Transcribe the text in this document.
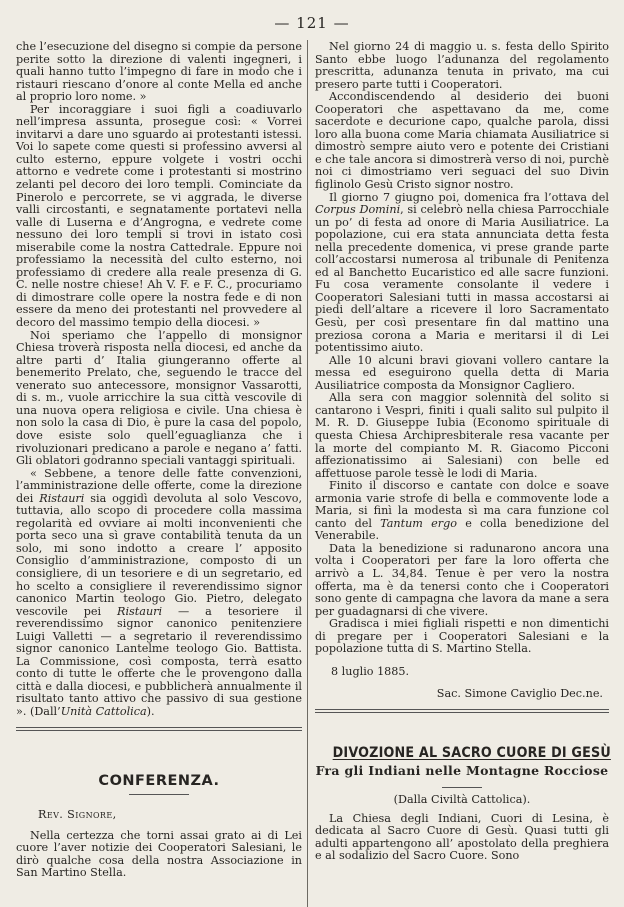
— 121 —

che l’esecuzione del disegno si compie da persone perite sotto la direzione di valenti ingegneri, i quali hanno tutto l’impegno di fare in modo che i ristauri riescano d’onore al conte Mella ed anche al proprio loro nome. »

Per incoraggiare i suoi figli a coadiuvarlo nell’impresa assunta, prosegue così: « Vorrei invitarvi a dare uno sguardo ai protestanti istessi. Voi lo sapete come questi si professino avversi al culto esterno, eppure volgete i vostri occhi attorno e vedrete come i protestanti si mostrino zelanti pel decoro dei loro templi. Cominciate da Pinerolo e percorrete, se vi aggrada, le diverse valli circostanti, e segnatamente portatevi nella valle di Luserna e d’Angrogna, e vedrete come nessuno dei loro templi si trovi in istato così miserabile come la nostra Cattedrale. Eppure noi professiamo la necessità del culto esterno, noi professiamo di credere alla reale presenza di G. C. nelle nostre chiese! Ah V. F. e F. C., procuriamo di dimostrare colle opere la nostra fede e di non essere da meno dei protestanti nel provvedere al decoro del massimo tempio della diocesi. »

Noi speriamo che l’appello di monsignor Chiesa troverà risposta nella diocesi, ed anche da altre parti d’ Italia giungeranno offerte al benemerito Prelato, che, seguendo le tracce del venerato suo antecessore, monsignor Vassarotti, di s. m., vuole arricchire la sua città vescovile di una nuova opera religiosa e civile. Una chiesa è non solo la casa di Dio, è pure la casa del popolo, dove esiste solo quell’eguaglianza che i rivoluzionari predicano a parole e negano a’ fatti. Gli oblatori godranno speciali vantaggi spirituali.

« Sebbene, a tenore delle fatte convenzioni, l’amministrazione delle offerte, come la direzione dei Ristauri sia oggidì devoluta al solo Vescovo, tuttavia, allo scopo di procedere colla massima regolarità ed ovviare ai molti inconvenienti che porta seco una sì grave contabilità tenuta da un solo, mi sono indotto a creare l’ apposito Consiglio d’amministrazione, composto di un consigliere, di un tesoriere e di un segretario, ed ho scelto a consigliere il reverendissimo signor canonico Martin teologo Gio. Pietro, delegato vescovile pei Ristauri — a tesoriere il reverendissimo signor canonico penitenziere Luigi Valletti — a segretario il reverendissimo signor canonico Lantelme teologo Gio. Battista. La Commissione, così composta, terrà esatto conto di tutte le offerte che le provengono dalla città e dalla diocesi, e pubblicherà annualmente il risultato tanto attivo che passivo di sua gestione ». (Dall’Unità Cattolica).

CONFERENZA.
Rev. Signore,

Nella certezza che torni assai grato ai di Lei cuore l’aver notizie dei Cooperatori Salesiani, le dirò qualche cosa della nostra Associazione in San Martino Stella.

Nel giorno 24 di maggio u. s. festa dello Spirito Santo ebbe luogo l’adunanza del regolamento prescritta, adunanza tenuta in privato, ma cui presero parte tutti i Cooperatori.

Accondiscendendo al desiderio dei buoni Cooperatori che aspettavano da me, come sacerdote e decurione capo, qualche parola, dissi loro alla buona come Maria chiamata Ausiliatrice si dimostrò sempre aiuto vero e potente dei Cristiani e che tale ancora si dimostrerà verso di noi, purchè noi ci dimostriamo veri seguaci del suo Divin figlinolo Gesù Cristo signor nostro.

Il giorno 7 giugno poi, domenica fra l’ottava del Corpus Domini, si celebrò nella chiesa Parrocchiale un po’ di festa ad onore di Maria Ausiliatrice. La popolazione, cui era stata annunciata detta festa nella precedente domenica, vi prese grande parte coll’accostarsi numerosa al tribunale di Penitenza ed al Banchetto Eucaristico ed alle sacre funzioni. Fu cosa veramente consolante il vedere i Cooperatori Salesiani tutti in massa accostarsi ai piedi dell’altare a ricevere il loro Sacramentato Gesù, per così presentare fin dal mattino una preziosa corona a Maria e meritarsi il di Lei potentissimo aiuto.

Alle 10 alcuni bravi giovani vollero cantare la messa ed eseguirono quella detta di Maria Ausiliatrice composta da Monsignor Cagliero.

Alla sera con maggior solennità del solito si cantarono i Vespri, finiti i quali salito sul pulpito il M. R. D. Giuseppe Iubia (Economo spirituale di questa Chiesa Archipresbiterale resa vacante per la morte del compianto M. R. Giacomo Picconi affezionatissimo ai Salesiani) con belle ed affettuose parole tessè le lodi di Maria.

Finito il discorso e cantate con dolce e soave armonia varie strofe di bella e commovente lode a Maria, si finì la modesta sì ma cara funzione col canto del Tantum ergo e colla benedizione del Venerabile.

Data la benedizione si radunarono ancora una volta i Cooperatori per fare la loro offerta che arrivò a L. 34,84. Tenue è per vero la nostra offerta, ma è da tenersi conto che i Cooperatori sono gente di campagna che lavora da mane a sera per guadagnarsi di che vivere.

Gradisca i miei figliali rispetti e non dimentichi di pregare per i Cooperatori Salesiani e la popolazione tutta di S. Martino Stella.

8 luglio 1885.

Sac. Simone Caviglio Dec.ne.

DIVOZIONE AL SACRO CUORE DI GESÙ
Fra gli Indiani nelle Montagne Rocciose
(Dalla Civiltà Cattolica).

La Chiesa degli Indiani, Cuori di Lesina, è dedicata al Sacro Cuore di Gesù. Quasi tutti gli adulti appartengono all’ apostolato della preghiera e al sodalizio del Sacro Cuore. Sono
